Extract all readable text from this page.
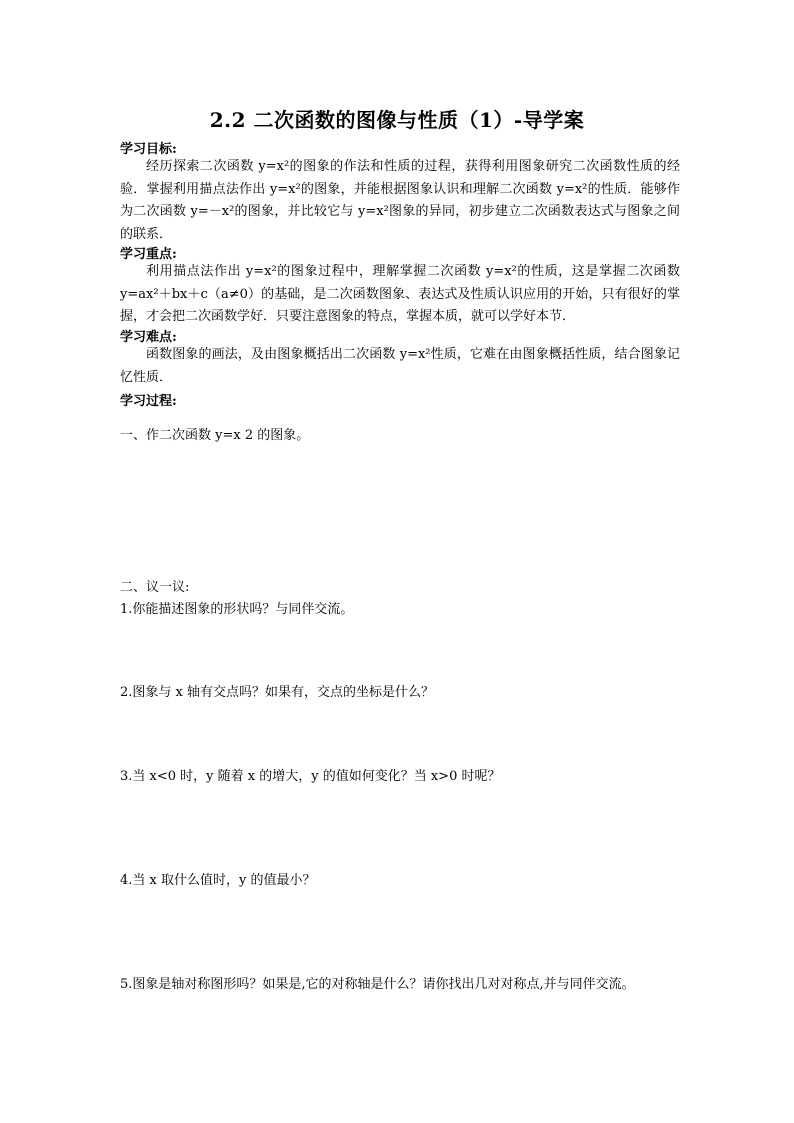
2.2 二次函数的图像与性质（1）-导学案
学习目标:
经历探索二次函数 y=x²的图象的作法和性质的过程，获得利用图象研究二次函数性质的经验．掌握利用描点法作出 y=x²的图象，并能根据图象认识和理解二次函数 y=x²的性质．能够作为二次函数 y=－x²的图象，并比较它与 y=x²图象的异同，初步建立二次函数表达式与图象之间的联系．
学习重点:
利用描点法作出 y=x²的图象过程中，理解掌握二次函数 y=x²的性质，这是掌握二次函数 y=ax²＋bx＋c（a≠0）的基础，是二次函数图象、表达式及性质认识应用的开始，只有很好的掌握，才会把二次函数学好．只要注意图象的特点，掌握本质，就可以学好本节．
学习难点:
函数图象的画法，及由图象概括出二次函数 y=x²性质，它难在由图象概括性质，结合图象记忆性质．
学习过程:
一、作二次函数 y=x 2 的图象。
二、议一议:
1.你能描述图象的形状吗？与同伴交流。
2.图象与 x 轴有交点吗？如果有，交点的坐标是什么？
3.当 x<0 时，y 随着 x 的增大，y 的值如何变化？当 x>0 时呢？
4.当 x 取什么值时，y 的值最小？
5.图象是轴对称图形吗？如果是,它的对称轴是什么？请你找出几对对称点,并与同伴交流。
